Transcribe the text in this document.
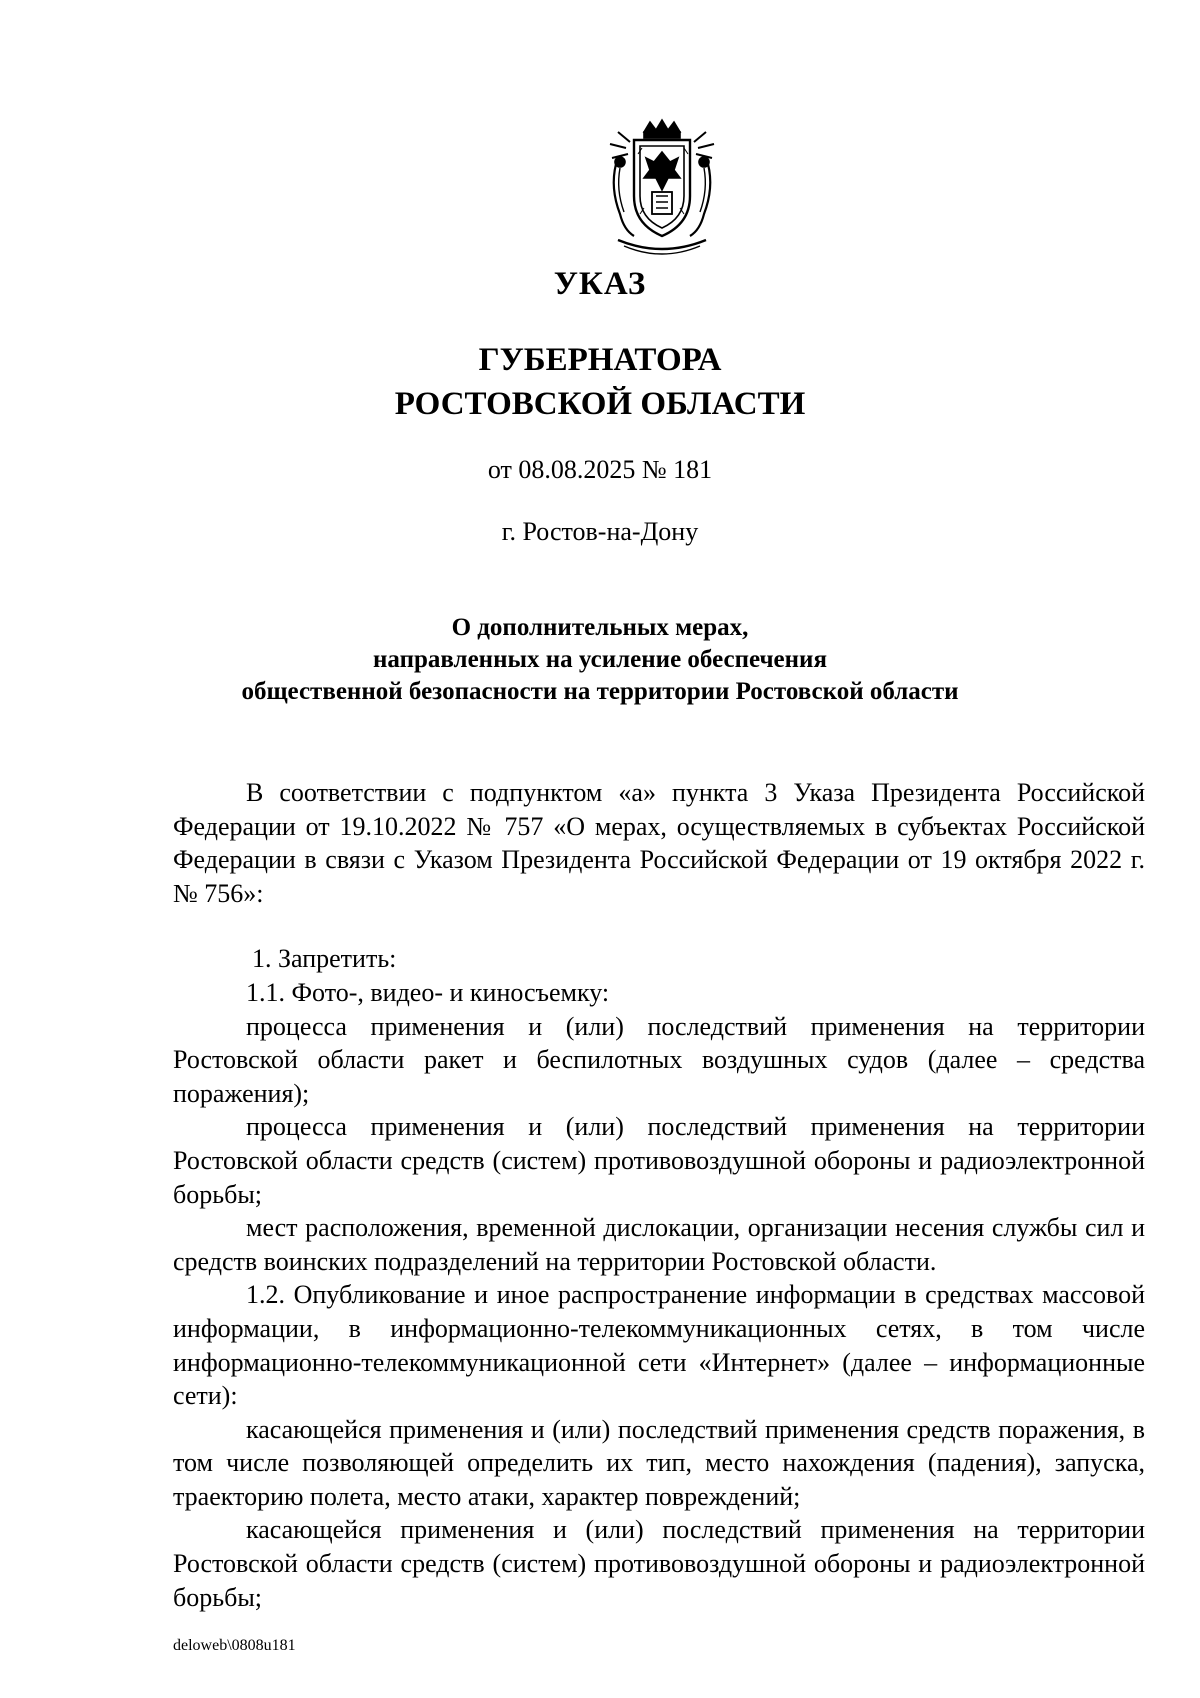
УКАЗ
ГУБЕРНАТОРА
РОСТОВСКОЙ ОБЛАСТИ
от 08.08.2025 № 181
г. Ростов-на-Дону
О дополнительных мерах,
направленных на усиление обеспечения
общественной безопасности на территории Ростовской области

В соответствии с подпунктом «а» пункта 3 Указа Президента Российской Федерации от 19.10.2022 № 757 «О мерах, осуществляемых в субъектах Российской Федерации в связи с Указом Президента Российской Федерации от 19 октября 2022 г. № 756»:

1. Запретить:

1.1. Фото-, видео- и киносъемку:

процесса применения и (или) последствий применения на территории Ростовской области ракет и беспилотных воздушных судов (далее – средства поражения);

процесса применения и (или) последствий применения на территории Ростовской области средств (систем) противовоздушной обороны и радиоэлектронной борьбы;

мест расположения, временной дислокации, организации несения службы сил и средств воинских подразделений на территории Ростовской области.

1.2. Опубликование и иное распространение информации в средствах массовой информации, в информационно-телекоммуникационных сетях, в том числе информационно-телекоммуникационной сети «Интернет» (далее – информационные сети):

касающейся применения и (или) последствий применения средств поражения, в том числе позволяющей определить их тип, место нахождения (падения), запуска, траекторию полета, место атаки, характер повреждений;

касающейся применения и (или) последствий применения на территории Ростовской области средств (систем) противовоздушной обороны и радиоэлектронной борьбы;

deloweb\0808u181
